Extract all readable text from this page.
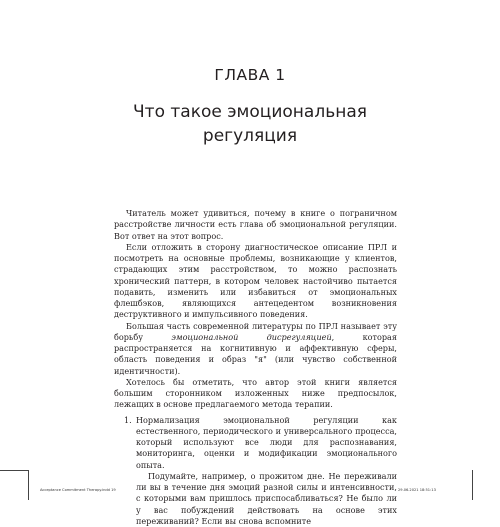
ГЛАВА 1
Что такое эмоциональная регуляция

Читатель может удивиться, почему в книге о пограничном расстройстве личности есть глава об эмоциональной регуляции. Вот ответ на этот вопрос.

Если отложить в сторону диагностическое описание ПРЛ и посмотреть на основные проблемы, возникающие у клиентов, страдающих этим расстройством, то можно распознать хронический паттерн, в котором человек настойчиво пытается подавить, изменить или избавиться от эмоциональных флешбэков, являющихся антецедентом возникновения деструктивного и импульсивного поведения.

Большая часть современной литературы по ПРЛ называет эту борьбу эмоциональной дисрегуляцией, которая распространяется на когнитивную и аффективную сферы, область поведения и образ "я" (или чувство собственной идентичности).

Хотелось бы отметить, что автор этой книги является большим сторонником изложенных ниже предпосылок, лежащих в основе предлагаемого метода терапии.

1. Нормализация эмоциональной регуляции как естественного, периодического и универсального процесса, который используют все люди для распознавания, мониторинга, оценки и модификации эмоционального опыта.

Подумайте, например, о прожитом дне. Не переживали ли вы в течение дня эмоций разной силы и интенсивности, с которыми вам пришлось приспосабливаться? Не было ли у вас побуждений действовать на основе этих переживаний? Если вы снова вспомните

Acceptance Commitment Therapy.indd 19	29.06.2021 18:51:13
